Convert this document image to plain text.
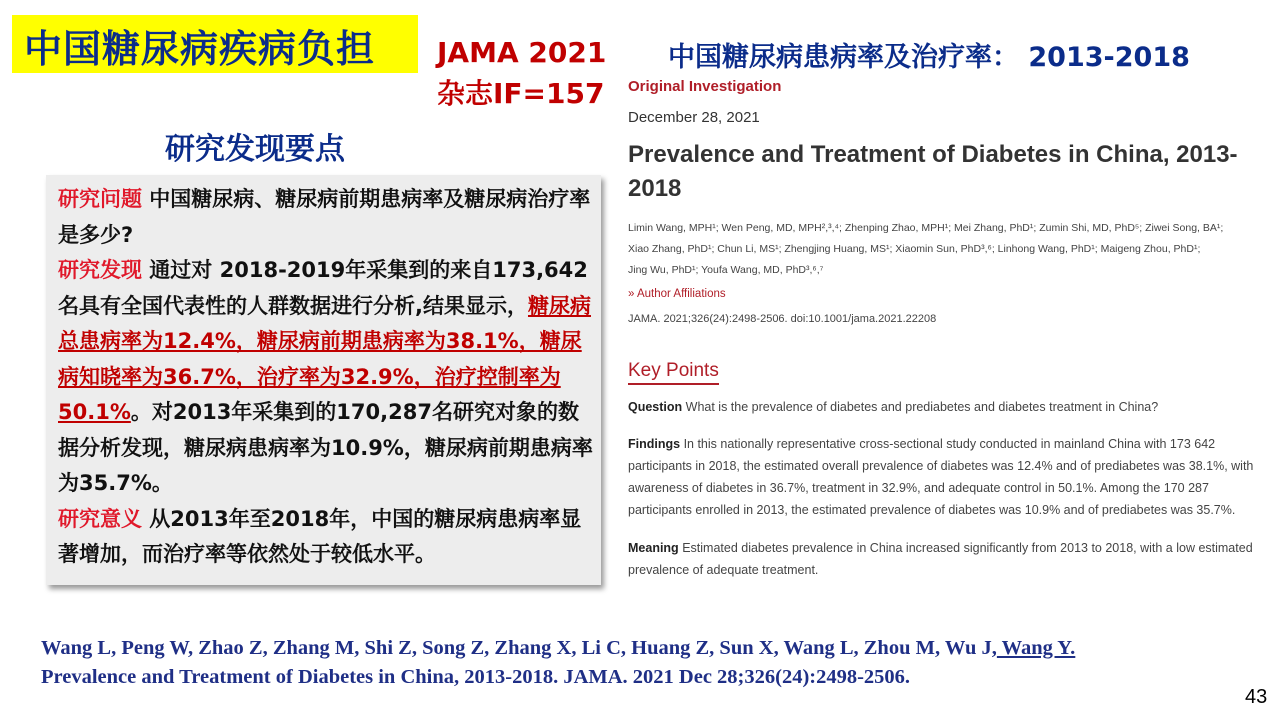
中国糖尿病疾病负担 JAMA 2021
杂志IF=157
中国糖尿病患病率及治疗率： 2013-2018
研究发现要点
研究问题 中国糖尿病、糖尿病前期患病率及糖尿病治疗率是多少?
研究发现 通过对 2018-2019年采集到的来自173,642名具有全国代表性的人群数据进行分析,结果显示，糖尿病总患病率为12.4%，糖尿病前期患病率为38.1%，糖尿病知晓率为36.7%，治疗率为32.9%，治疗控制率为50.1%。对2013年采集到的170,287名研究对象的数据分析发现，糖尿病患病率为10.9%，糖尿病前期患病率为35.7%。
研究意义 从2013年至2018年，中国的糖尿病患病率显著增加，而治疗率等依然处于较低水平。
Original Investigation
December 28, 2021
Prevalence and Treatment of Diabetes in China, 2013-2018
Limin Wang, MPH¹; Wen Peng, MD, MPH²,³,⁴; Zhenping Zhao, MPH¹; Mei Zhang, PhD¹; Zumin Shi, MD, PhD⁵; Ziwei Song, BA¹;
Xiao Zhang, PhD¹; Chun Li, MS¹; Zhengjing Huang, MS¹; Xiaomin Sun, PhD³,⁶; Linhong Wang, PhD¹; Maigeng Zhou, PhD¹;
Jing Wu, PhD¹; Youfa Wang, MD, PhD³,⁶,⁷
» Author Affiliations
JAMA. 2021;326(24):2498-2506. doi:10.1001/jama.2021.22208
Key Points
Question What is the prevalence of diabetes and prediabetes and diabetes treatment in China?
Findings In this nationally representative cross-sectional study conducted in mainland China with 173 642 participants in 2018, the estimated overall prevalence of diabetes was 12.4% and of prediabetes was 38.1%, with awareness of diabetes in 36.7%, treatment in 32.9%, and adequate control in 50.1%. Among the 170 287 participants enrolled in 2013, the estimated prevalence of diabetes was 10.9% and of prediabetes was 35.7%.
Meaning Estimated diabetes prevalence in China increased significantly from 2013 to 2018, with a low estimated prevalence of adequate treatment.
Wang L, Peng W, Zhao Z, Zhang M, Shi Z, Song Z, Zhang X, Li C, Huang Z, Sun X, Wang L, Zhou M, Wu J, Wang Y.
Prevalence and Treatment of Diabetes in China, 2013-2018. JAMA. 2021 Dec 28;326(24):2498-2506.
43
